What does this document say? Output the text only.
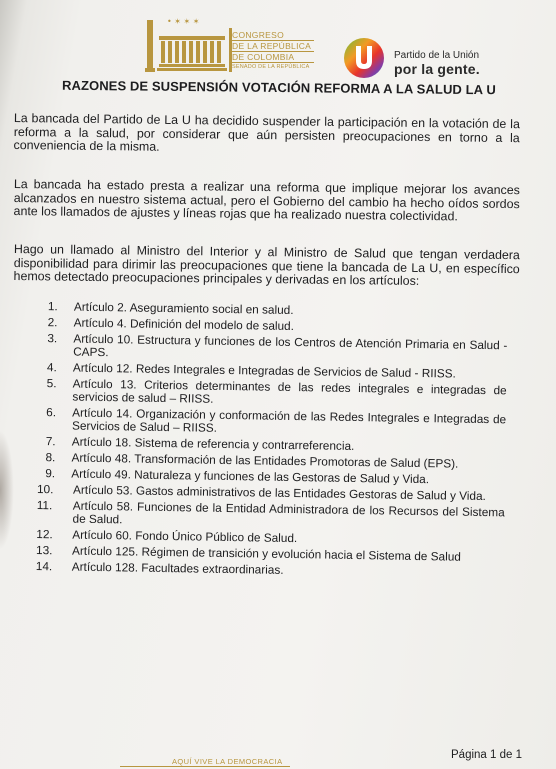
• ✶ ✶ ✶
CONGRESO
DE LA REPÚBLICA
DE COLOMBIA
SENADO DE LA REPÚBLICA
Partido de la Unión
por la gente.
RAZONES DE SUSPENSIÓN VOTACIÓN REFORMA A LA SALUD LA U
La bancada del Partido de La U ha decidido suspender la participación en la votación de la reforma a la salud, por considerar que aún persisten preocupaciones en torno a la conveniencia de la misma.
La bancada ha estado presta a realizar una reforma que implique mejorar los avances alcanzados en nuestro sistema actual, pero el Gobierno del cambio ha hecho oídos sordos ante los llamados de ajustes y líneas rojas que ha realizado nuestra colectividad.
Hago un llamado al Ministro del Interior y al Ministro de Salud que tengan verdadera disponibilidad para dirimir las preocupaciones que tiene la bancada de La U, en específico hemos detectado preocupaciones principales y derivadas en los artículos:
1. Artículo 2. Aseguramiento social en salud.
2. Artículo 4. Definición del modelo de salud.
3. Artículo 10. Estructura y funciones de los Centros de Atención Primaria en Salud - CAPS.
4. Artículo 12. Redes Integrales e Integradas de Servicios de Salud - RIISS.
5. Artículo 13. Criterios determinantes de las redes integrales e integradas de servicios de salud – RIISS.
6. Artículo 14. Organización y conformación de las Redes Integrales e Integradas de Servicios de Salud – RIISS.
7. Artículo 18. Sistema de referencia y contrarreferencia.
8. Artículo 48. Transformación de las Entidades Promotoras de Salud (EPS).
9. Artículo 49. Naturaleza y funciones de las Gestoras de Salud y Vida.
10. Artículo 53. Gastos administrativos de las Entidades Gestoras de Salud y Vida.
11. Artículo 58. Funciones de la Entidad Administradora de los Recursos del Sistema de Salud.
12. Artículo 60. Fondo Único Público de Salud.
13. Artículo 125. Régimen de transición y evolución hacia el Sistema de Salud
14. Artículo 128. Facultades extraordinarias.
AQUÍ VIVE LA DEMOCRACIA
Página 1 de 1
